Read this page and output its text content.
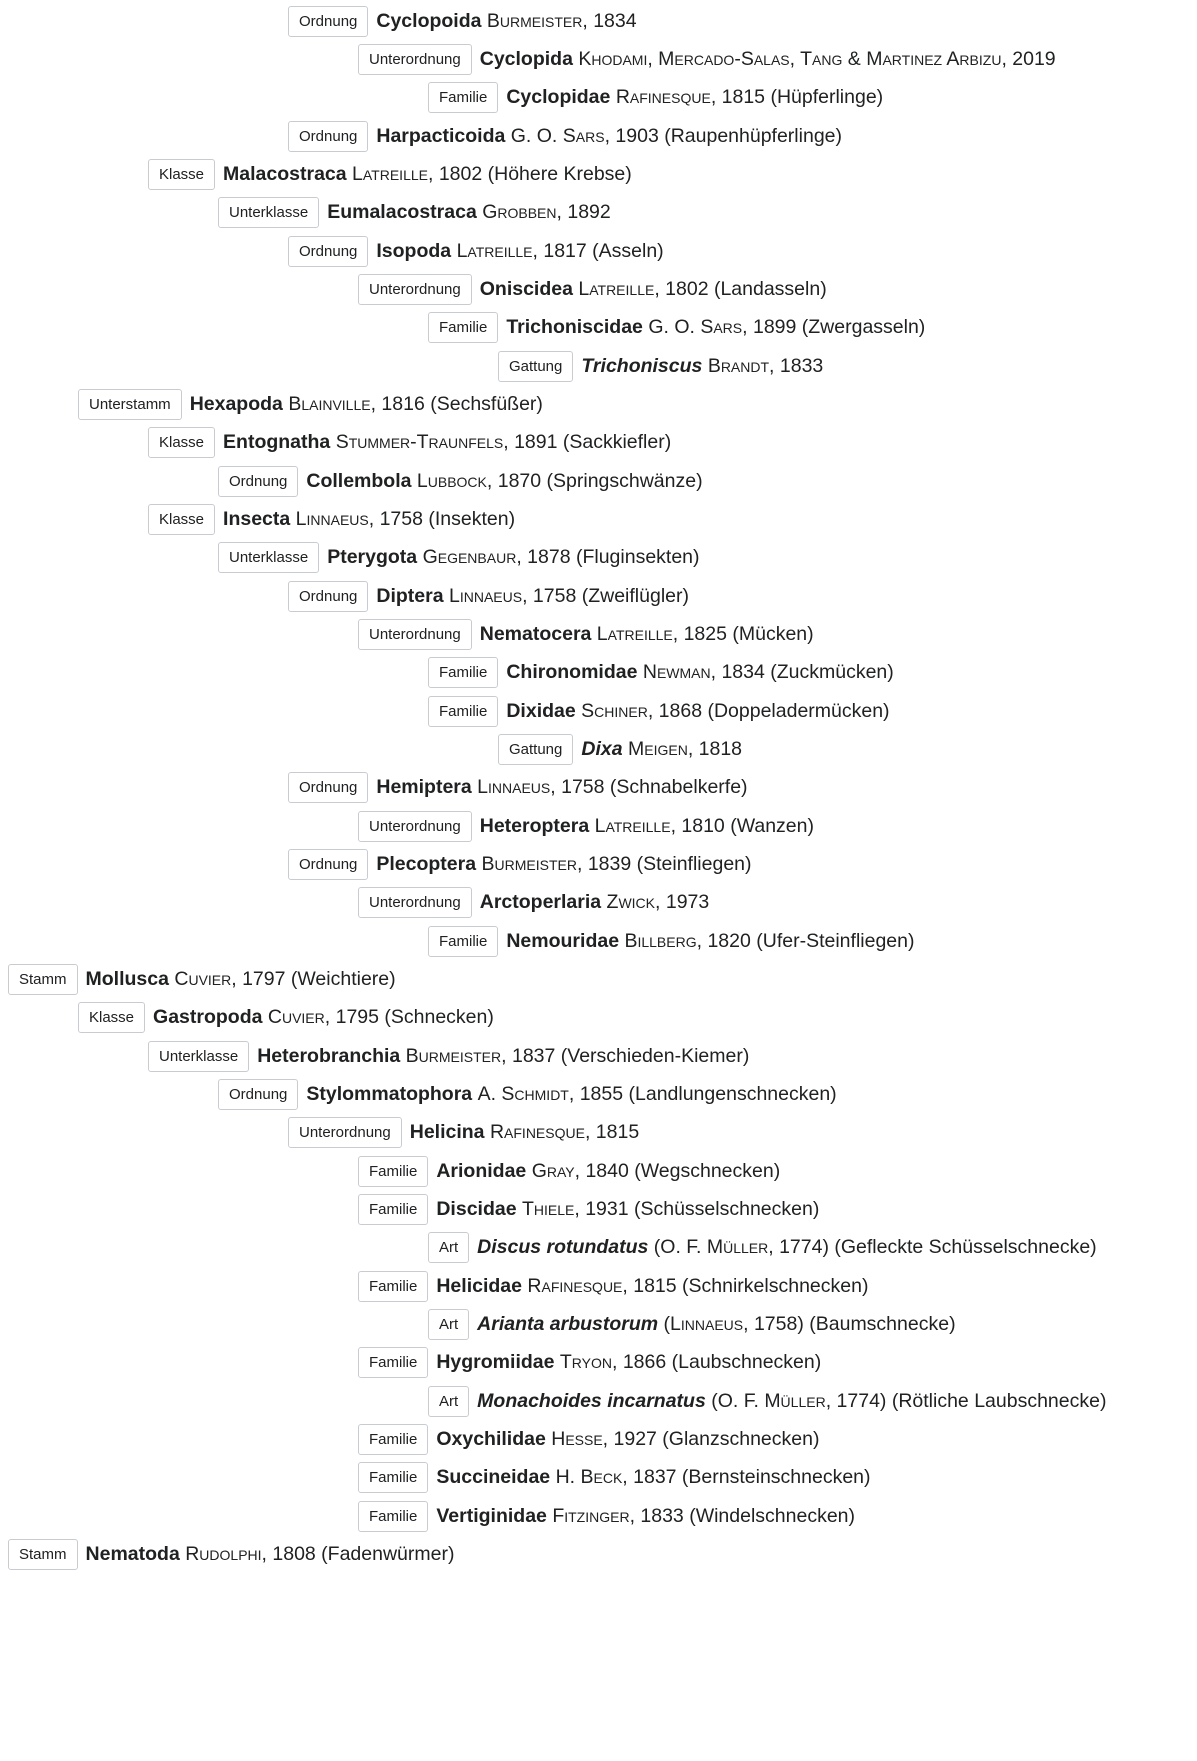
Ordnung Cyclopoida Burmeister, 1834
Unterordnung Cyclopida Khodami, Mercado-Salas, Tang & Martinez Arbizu, 2019
Familie Cyclopidae Rafinesque, 1815 (Hüpferlinge)
Ordnung Harpacticoida G. O. Sars, 1903 (Raupenhüpferlinge)
Klasse Malacostraca Latreille, 1802 (Höhere Krebse)
Unterklasse Eumalacostraca Grobben, 1892
Ordnung Isopoda Latreille, 1817 (Asseln)
Unterordnung Oniscidea Latreille, 1802 (Landasseln)
Familie Trichoniscidae G. O. Sars, 1899 (Zwergasseln)
Gattung Trichoniscus Brandt, 1833
Unterstamm Hexapoda Blainville, 1816 (Sechsfüßer)
Klasse Entognatha Stummer-Traunfels, 1891 (Sackkiefler)
Ordnung Collembola Lubbock, 1870 (Springschwänze)
Klasse Insecta Linnaeus, 1758 (Insekten)
Unterklasse Pterygota Gegenbaur, 1878 (Fluginsekten)
Ordnung Diptera Linnaeus, 1758 (Zweiflügler)
Unterordnung Nematocera Latreille, 1825 (Mücken)
Familie Chironomidae Newman, 1834 (Zuckmücken)
Familie Dixidae Schiner, 1868 (Doppeladermücken)
Gattung Dixa Meigen, 1818
Ordnung Hemiptera Linnaeus, 1758 (Schnabelkerfe)
Unterordnung Heteroptera Latreille, 1810 (Wanzen)
Ordnung Plecoptera Burmeister, 1839 (Steinfliegen)
Unterordnung Arctoperlaria Zwick, 1973
Familie Nemouridae Billberg, 1820 (Ufer-Steinfliegen)
Stamm Mollusca Cuvier, 1797 (Weichtiere)
Klasse Gastropoda Cuvier, 1795 (Schnecken)
Unterklasse Heterobranchia Burmeister, 1837 (Verschieden-Kiemer)
Ordnung Stylommatophora A. Schmidt, 1855 (Landlungenschnecken)
Unterordnung Helicina Rafinesque, 1815
Familie Arionidae Gray, 1840 (Wegschnecken)
Familie Discidae Thiele, 1931 (Schüsselschnecken)
Art Discus rotundatus (O. F. Müller, 1774) (Gefleckte Schüsselschnecke)
Familie Helicidae Rafinesque, 1815 (Schnirkelschnecken)
Art Arianta arbustorum (Linnaeus, 1758) (Baumschnecke)
Familie Hygromiidae Tryon, 1866 (Laubschnecken)
Art Monachoides incarnatus (O. F. Müller, 1774) (Rötliche Laubschnecke)
Familie Oxychilidae Hesse, 1927 (Glanzschnecken)
Familie Succineidae H. Beck, 1837 (Bernsteinschnecken)
Familie Vertiginidae Fitzinger, 1833 (Windelschnecken)
Stamm Nematoda Rudolphi, 1808 (Fadenwürmer)
